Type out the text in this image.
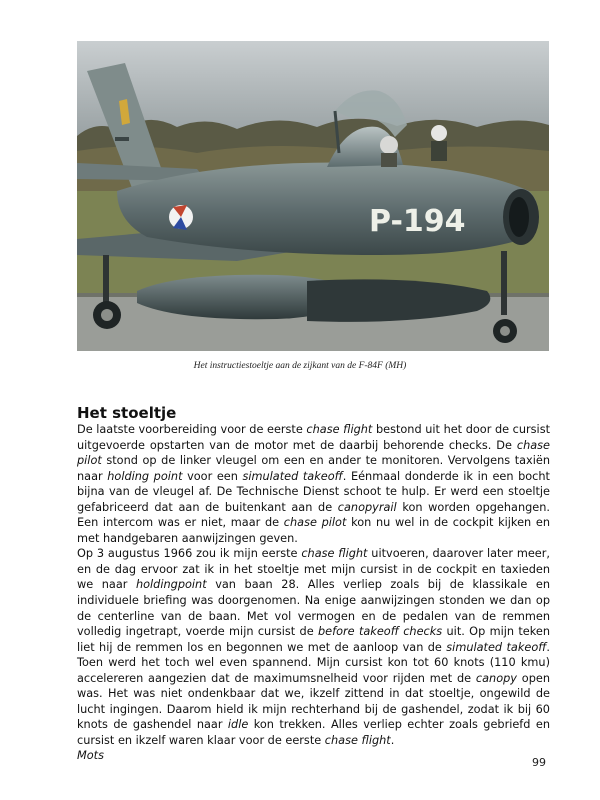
P-194
Het instructiestoeltje aan de zijkant van de F-84F (MH)
Het stoeltje

De laatste voorbereiding voor de eerste chase flight bestond uit het door de cursist uitgevoerde opstarten van de motor met de daarbij behorende checks. De chase pilot stond op de linker vleugel om een en ander te monitoren. Vervolgens taxiën naar holding point voor een simulated takeoff. Eénmaal donderde ik in een bocht bijna van de vleugel af. De Technische Dienst schoot te hulp. Er werd een stoeltje gefabriceerd dat aan de buitenkant aan de canopyrail kon worden opgehangen. Een intercom was er niet, maar de chase pilot kon nu wel in de cockpit kijken en met handgebaren aanwijzingen geven.

Op 3 augustus 1966 zou ik mijn eerste chase flight uitvoeren, daarover later meer, en de dag ervoor zat ik in het stoeltje met mijn cursist in de cockpit en taxieden we naar holdingpoint van baan 28. Alles verliep zoals bij de klassikale en individuele briefing was doorgenomen. Na enige aanwijzingen stonden we dan op de centerline van de baan. Met vol vermogen en de pedalen van de remmen volledig ingetrapt, voerde mijn cursist de before takeoff checks uit. Op mijn teken liet hij de remmen los en begonnen we met de aanloop van de simulated takeoff. Toen werd het toch wel even spannend. Mijn cursist kon tot 60 knots (110 kmu) accelereren aangezien dat de maximumsnelheid voor rijden met de canopy open was. Het was niet ondenkbaar dat we, ikzelf zittend in dat stoeltje, ongewild de lucht ingingen. Daarom hield ik mijn rechterhand bij de gashendel, zodat ik bij 60 knots de gashendel naar idle kon trekken. Alles verliep echter zoals gebriefd en cursist en ikzelf waren klaar voor de eerste chase flight.

Mots

99
